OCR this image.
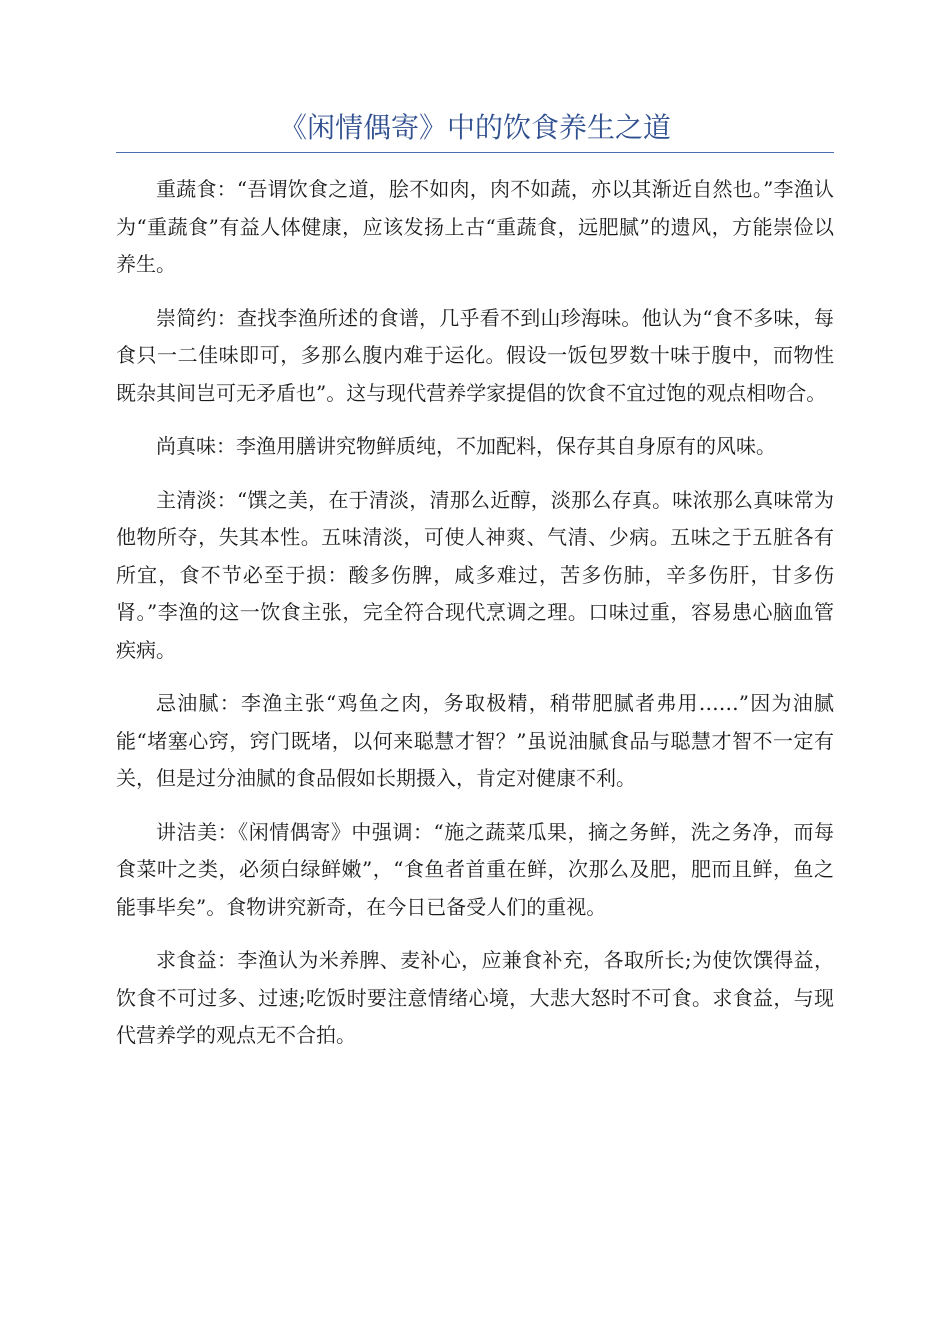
《闲情偶寄》中的饮食养生之道

重蔬食：“吾谓饮食之道，脍不如肉，肉不如蔬，亦以其渐近自然也。”李渔认为“重蔬食”有益人体健康，应该发扬上古“重蔬食，远肥腻”的遗风，方能崇俭以养生。

崇简约：查找李渔所述的食谱，几乎看不到山珍海味。他认为“食不多味，每食只一二佳味即可，多那么腹内难于运化。假设一饭包罗数十味于腹中，而物性既杂其间岂可无矛盾也”。这与现代营养学家提倡的饮食不宜过饱的观点相吻合。

尚真味：李渔用膳讲究物鲜质纯，不加配料，保存其自身原有的风味。

主清淡：“馔之美，在于清淡，清那么近醇，淡那么存真。味浓那么真味常为他物所夺，失其本性。五味清淡，可使人神爽、气清、少病。五味之于五脏各有所宜，食不节必至于损：酸多伤脾，咸多难过，苦多伤肺，辛多伤肝，甘多伤肾。”李渔的这一饮食主张，完全符合现代烹调之理。口味过重，容易患心脑血管疾病。

忌油腻：李渔主张“鸡鱼之肉，务取极精，稍带肥腻者弗用……”因为油腻能“堵塞心窍，窍门既堵，以何来聪慧才智？”虽说油腻食品与聪慧才智不一定有关，但是过分油腻的食品假如长期摄入，肯定对健康不利。

讲洁美：《闲情偶寄》中强调：“施之蔬菜瓜果，摘之务鲜，洗之务净，而每食菜叶之类，必须白绿鲜嫩”，“食鱼者首重在鲜，次那么及肥，肥而且鲜，鱼之能事毕矣”。食物讲究新奇，在今日已备受人们的重视。

求食益：李渔认为米养脾、麦补心，应兼食补充，各取所长;为使饮馔得益，饮食不可过多、过速;吃饭时要注意情绪心境，大悲大怒时不可食。求食益，与现代营养学的观点无不合拍。
